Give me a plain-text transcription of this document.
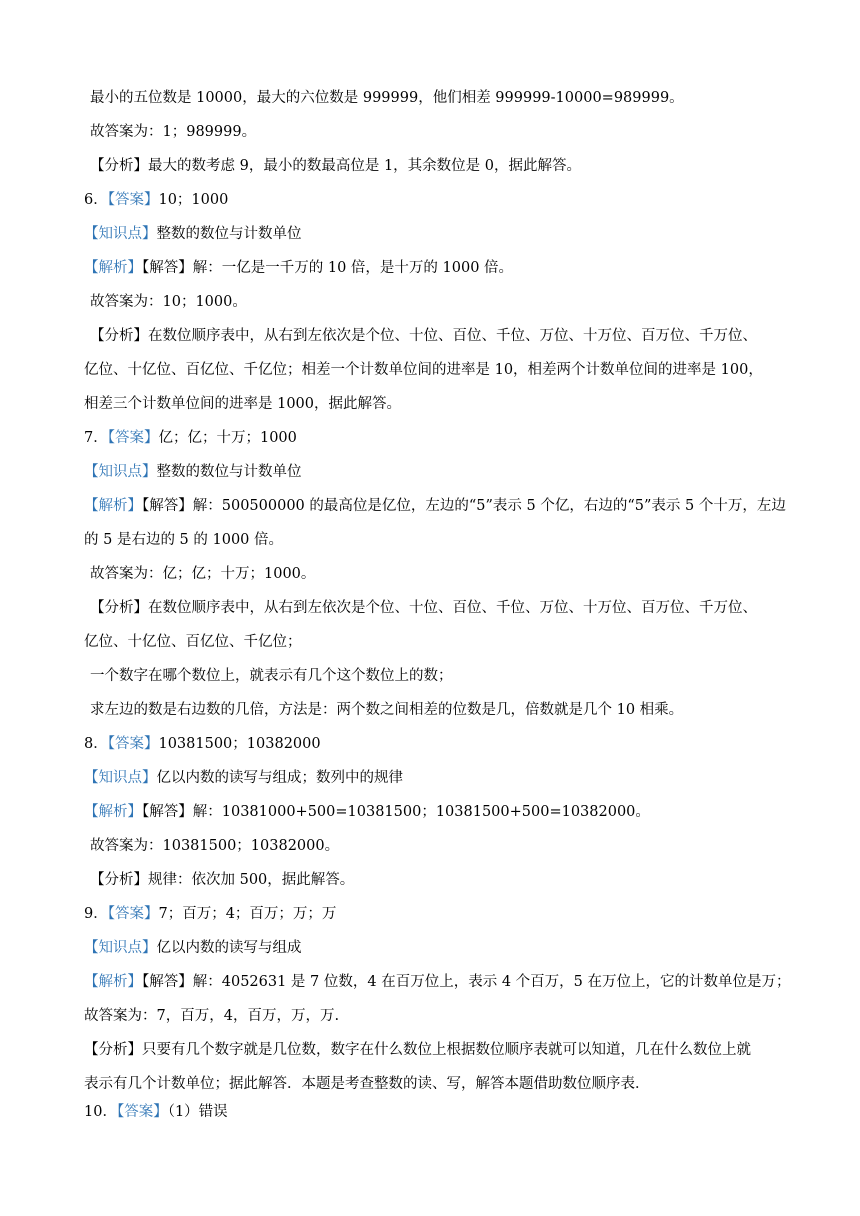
最小的五位数是 10000，最大的六位数是 999999，他们相差 999999-10000=989999。
故答案为：1；989999。
【分析】最大的数考虑 9，最小的数最高位是 1，其余数位是 0，据此解答。
6．【答案】10；1000
【知识点】整数的数位与计数单位
【解析】【解答】解：一亿是一千万的 10 倍，是十万的 1000 倍。
故答案为：10；1000。
【分析】在数位顺序表中，从右到左依次是个位、十位、百位、千位、万位、十万位、百万位、千万位、
亿位、十亿位、百亿位、千亿位；相差一个计数单位间的进率是 10，相差两个计数单位间的进率是 100，
相差三个计数单位间的进率是 1000，据此解答。
7．【答案】亿；亿；十万；1000
【知识点】整数的数位与计数单位
【解析】【解答】解：500500000 的最高位是亿位，左边的“5”表示 5 个亿，右边的“5”表示 5 个十万，左边
的 5 是右边的 5 的 1000 倍。
故答案为：亿；亿；十万；1000。
【分析】在数位顺序表中，从右到左依次是个位、十位、百位、千位、万位、十万位、百万位、千万位、
亿位、十亿位、百亿位、千亿位；
一个数字在哪个数位上，就表示有几个这个数位上的数；
求左边的数是右边数的几倍，方法是：两个数之间相差的位数是几，倍数就是几个 10 相乘。
8．【答案】10381500；10382000
【知识点】亿以内数的读写与组成；数列中的规律
【解析】【解答】解：10381000+500=10381500；10381500+500=10382000。
故答案为：10381500；10382000。
【分析】规律：依次加 500，据此解答。
9．【答案】7；百万；4；百万；万；万
【知识点】亿以内数的读写与组成
【解析】【解答】解：4052631 是 7 位数，4 在百万位上，表示 4 个百万，5 在万位上，它的计数单位是万；
故答案为：7，百万，4，百万，万，万.
【分析】只要有几个数字就是几位数，数字在什么数位上根据数位顺序表就可以知道，几在什么数位上就
表示有几个计数单位；据此解答．本题是考查整数的读、写，解答本题借助数位顺序表．
10．【答案】（1）错误
